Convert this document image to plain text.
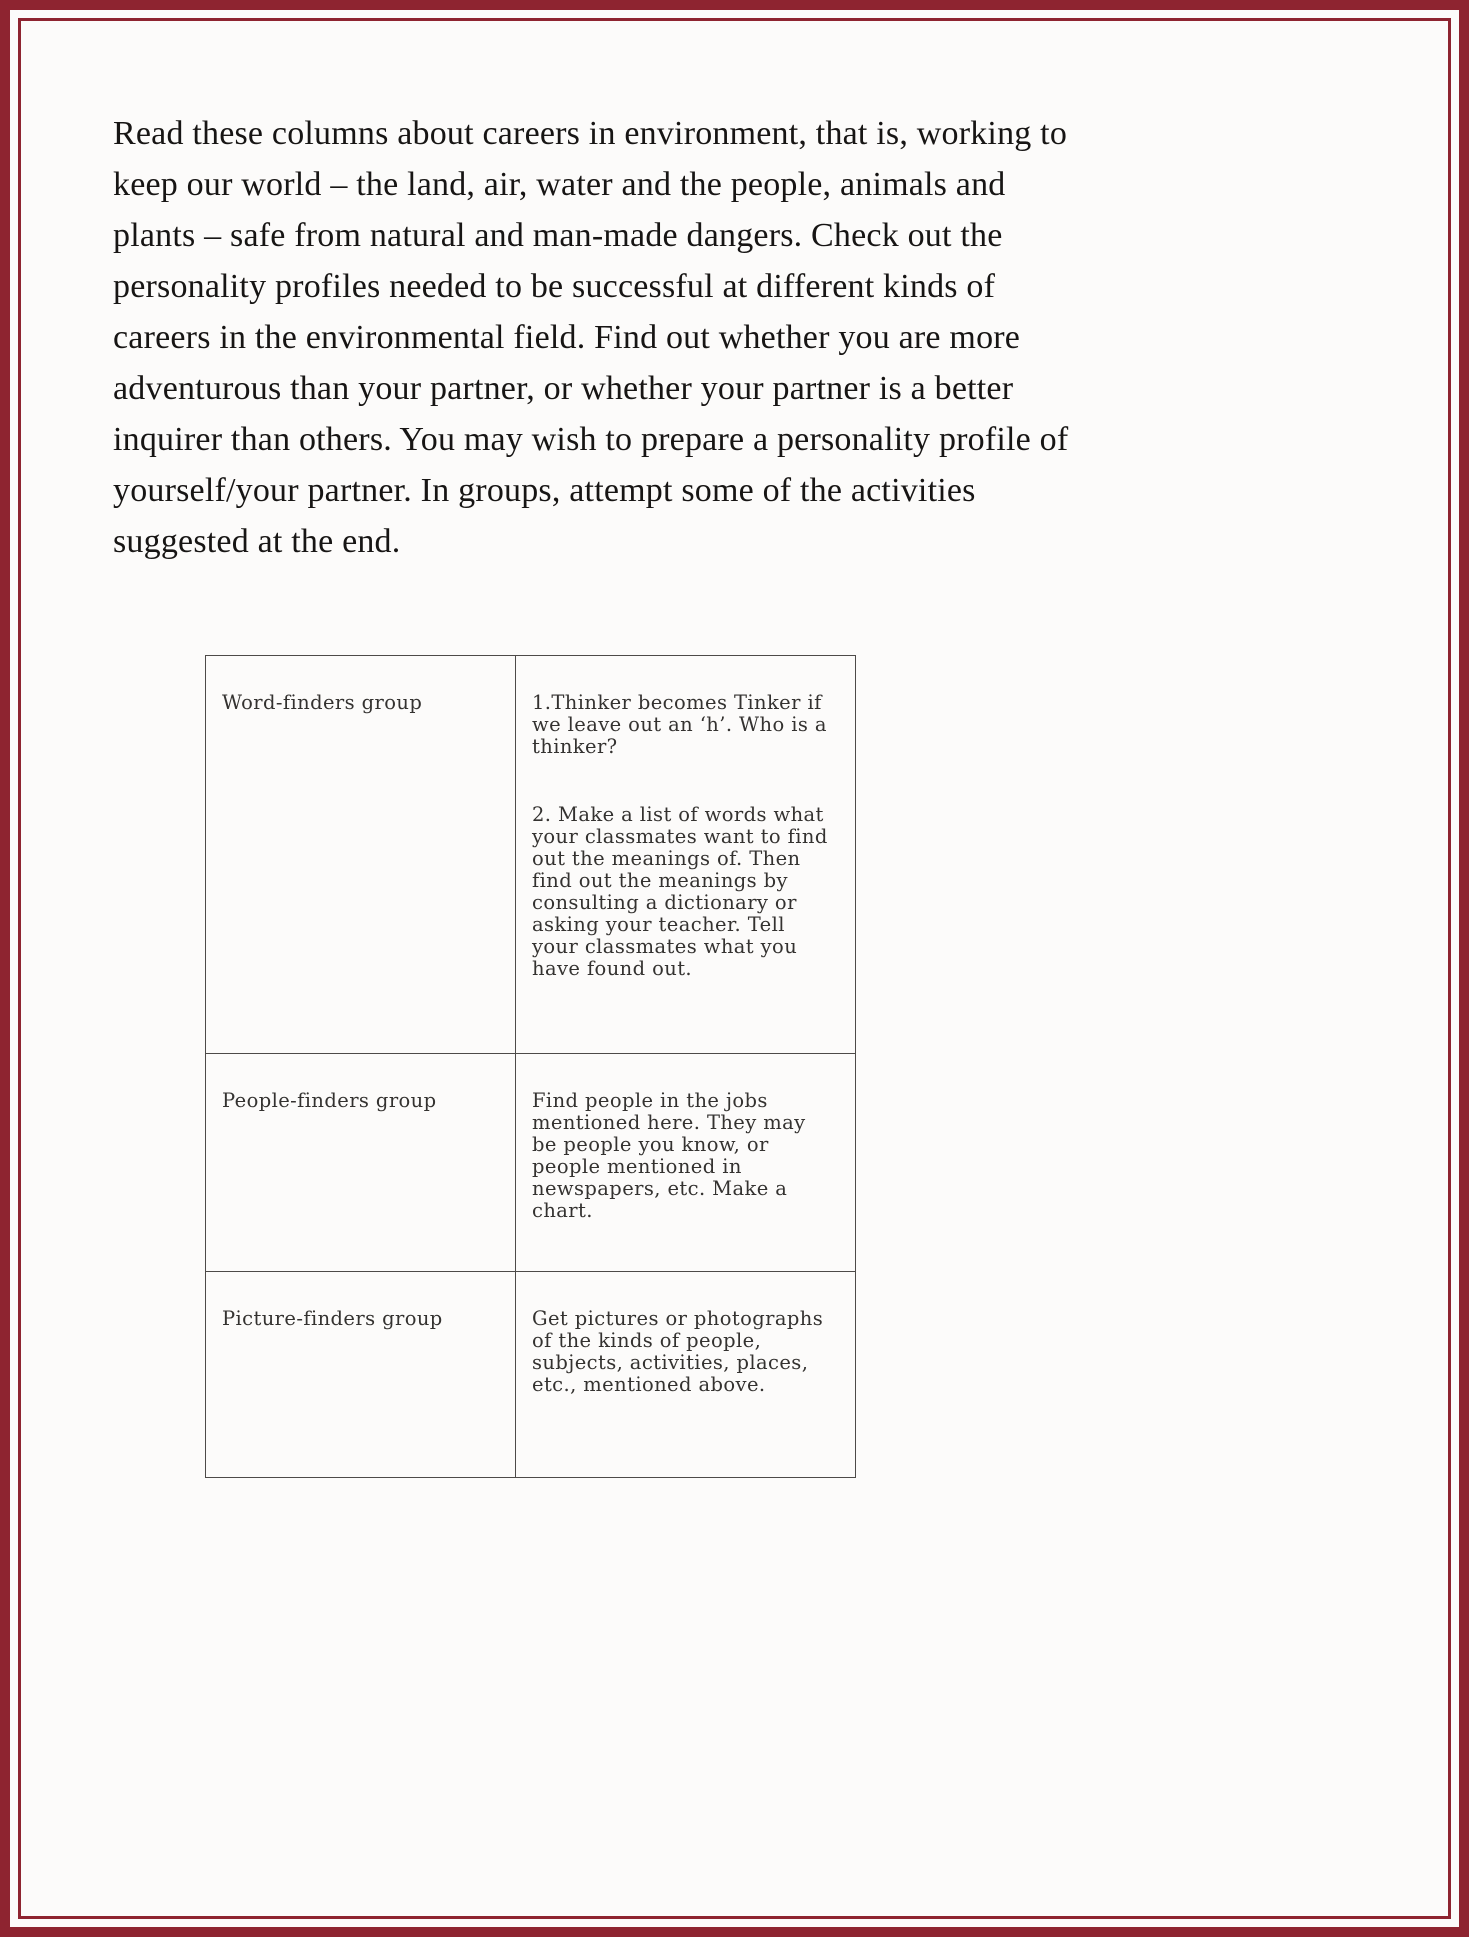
Read these columns about careers in environment, that is, working to keep our world – the land, air, water and the people, animals and plants – safe from natural and man-made dangers. Check out the personality profiles needed to be successful at different kinds of careers in the environmental field. Find out whether you are more adventurous than your partner, or whether your partner is a better inquirer than others. You may wish to prepare a personality profile of yourself/your partner. In groups, attempt some of the activities suggested at the end.

Word-finders group	1.Thinker becomes Tinker if we leave out an ‘h’. Who is a thinker?

2. Make a list of words what your classmates want to find out the meanings of. Then find out the meanings by consulting a dictionary or asking your teacher. Tell your classmates what you have found out.

People-finders group	Find people in the jobs mentioned here. They may be people you know, or people mentioned in newspapers, etc. Make a chart.

Picture-finders group	Get pictures or photographs of the kinds of people, subjects, activities, places, etc., mentioned above.
